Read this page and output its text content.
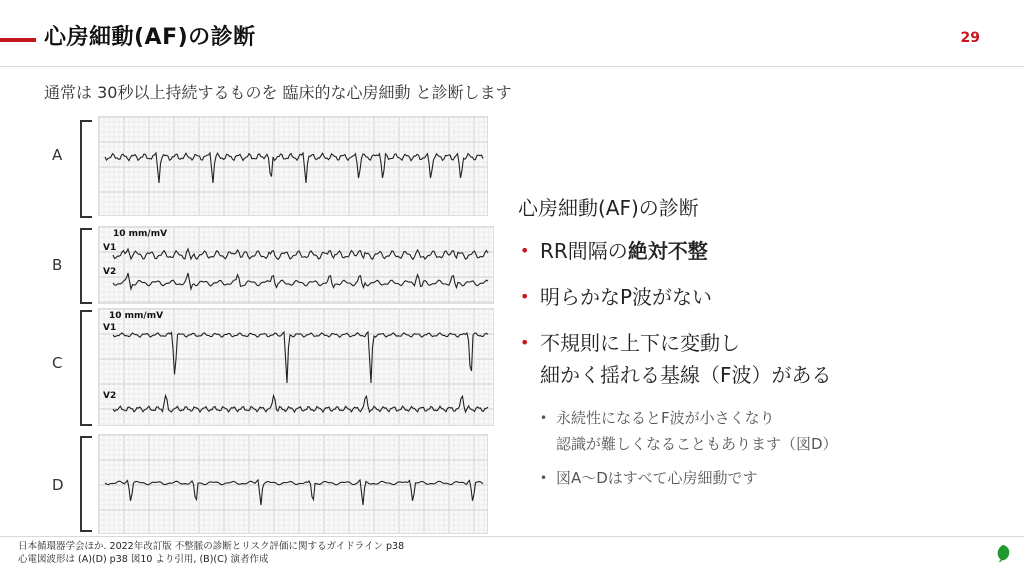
心房細動(AF)の診断	29
通常は 30秒以上持続するものを 臨床的な心房細動 と診断します
A
B
10 mm/mV
V1
V2
C
10 mm/mV
V1
V2
D
心房細動(AF)の診断
• RR間隔の絶対不整
• 明らかなP波がない
• 不規則に上下に変動し
細かく揺れる基線（F波）がある
• 永続性になるとF波が小さくなり
認識が難しくなることもあります（図D）
• 図A〜Dはすべて心房細動です
日本循環器学会ほか. 2022年改訂版 不整脈の診断とリスク評価に関するガイドライン p38
心電図波形は (A)(D) p38 図10 より引用, (B)(C) 演者作成
